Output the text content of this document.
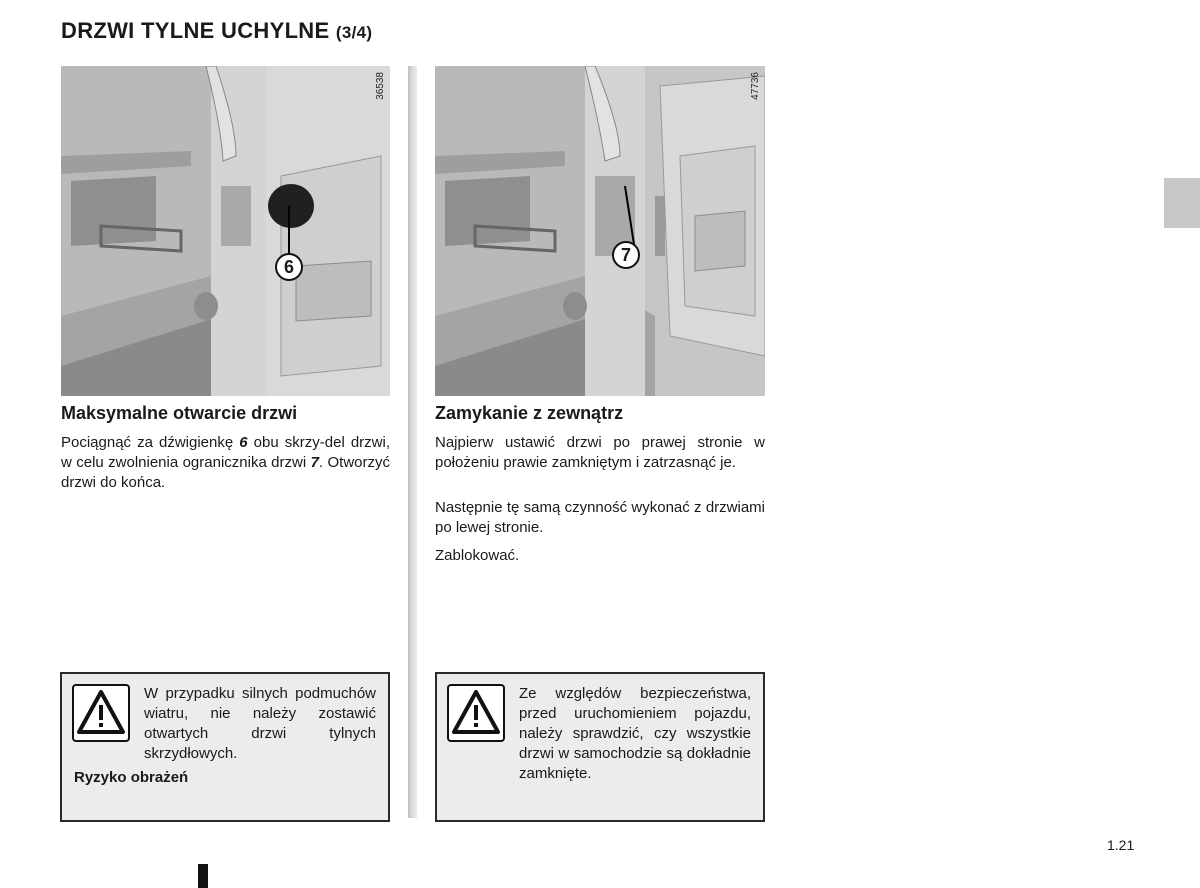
DRZWI TYLNE UCHYLNE (3/4)
36538
6
47736
7
Maksymalne otwarcie drzwi

Pociągnąć za dźwigienkę 6 obu skrzy-del drzwi, w celu zwolnienia ogranicznika drzwi 7. Otworzyć drzwi do końca.

Zamykanie z zewnątrz

Najpierw ustawić drzwi po prawej stronie w położeniu prawie zamkniętym i zatrzasnąć je.

Następnie tę samą czynność wykonać z drzwiami po lewej stronie.

Zablokować.

W przypadku silnych podmuchów wiatru, nie należy zostawić otwartych drzwi tylnych skrzydłowych.

Ryzyko obrażeń

Ze względów bezpieczeństwa, przed uruchomieniem pojazdu, należy sprawdzić, czy wszystkie drzwi w samochodzie są dokładnie zamknięte.

1.21
